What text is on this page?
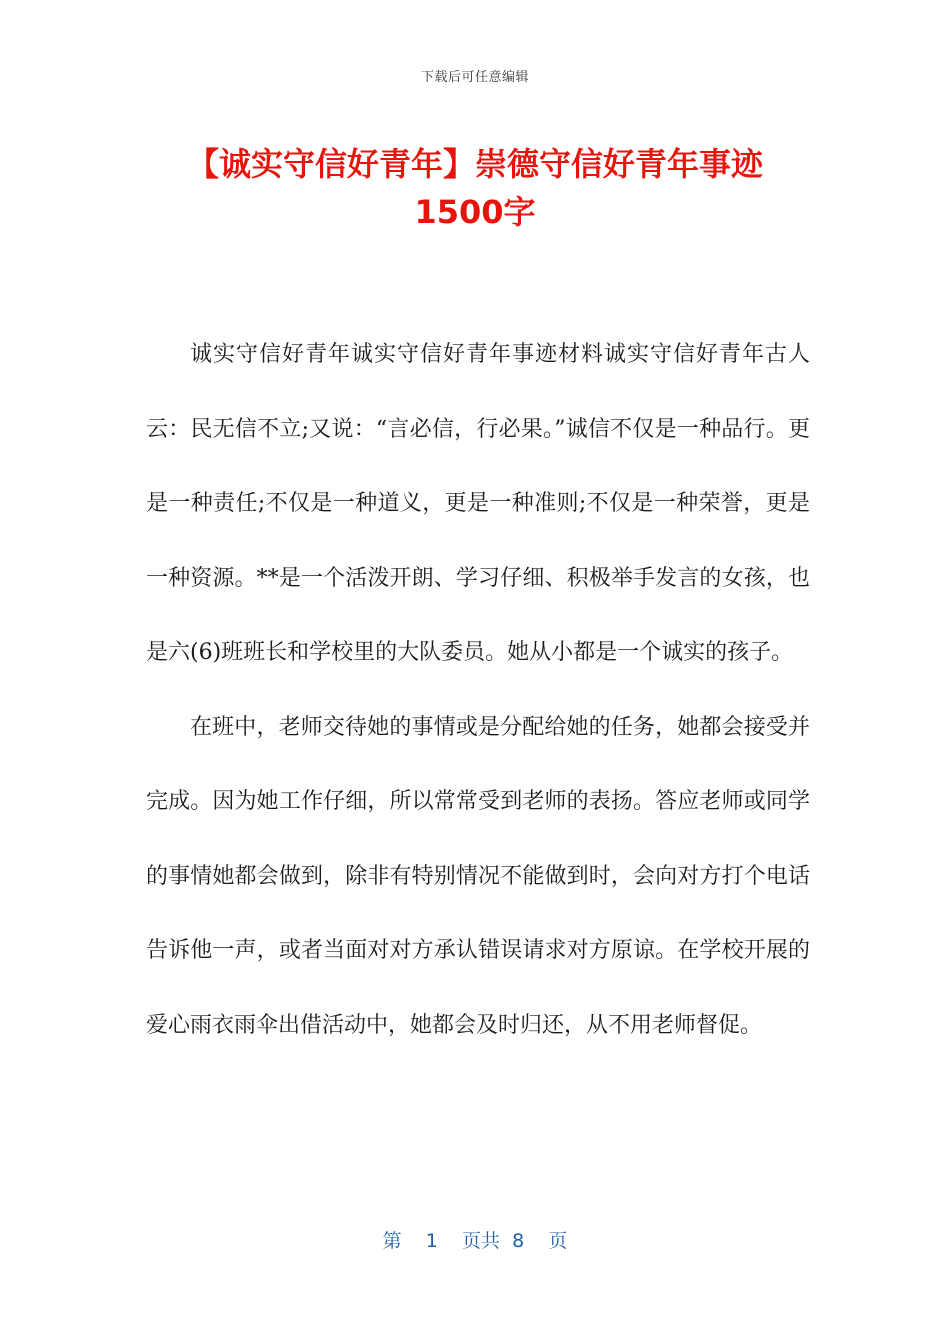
下载后可任意编辑
【诚实守信好青年】崇德守信好青年事迹
1500字

诚实守信好青年诚实守信好青年事迹材料诚实守信好青年古人云：民无信不立;又说：“言必信，行必果。”诚信不仅是一种品行。更是一种责任;不仅是一种道义，更是一种准则;不仅是一种荣誉，更是一种资源。**是一个活泼开朗、学习仔细、积极举手发言的女孩，也是六(6)班班长和学校里的大队委员。她从小都是一个诚实的孩子。

在班中，老师交待她的事情或是分配给她的任务，她都会接受并完成。因为她工作仔细，所以常常受到老师的表扬。答应老师或同学的事情她都会做到，除非有特别情况不能做到时，会向对方打个电话告诉他一声，或者当面对对方承认错误请求对方原谅。在学校开展的爱心雨衣雨伞出借活动中，她都会及时归还，从不用老师督促。

第 1 页共 8 页
